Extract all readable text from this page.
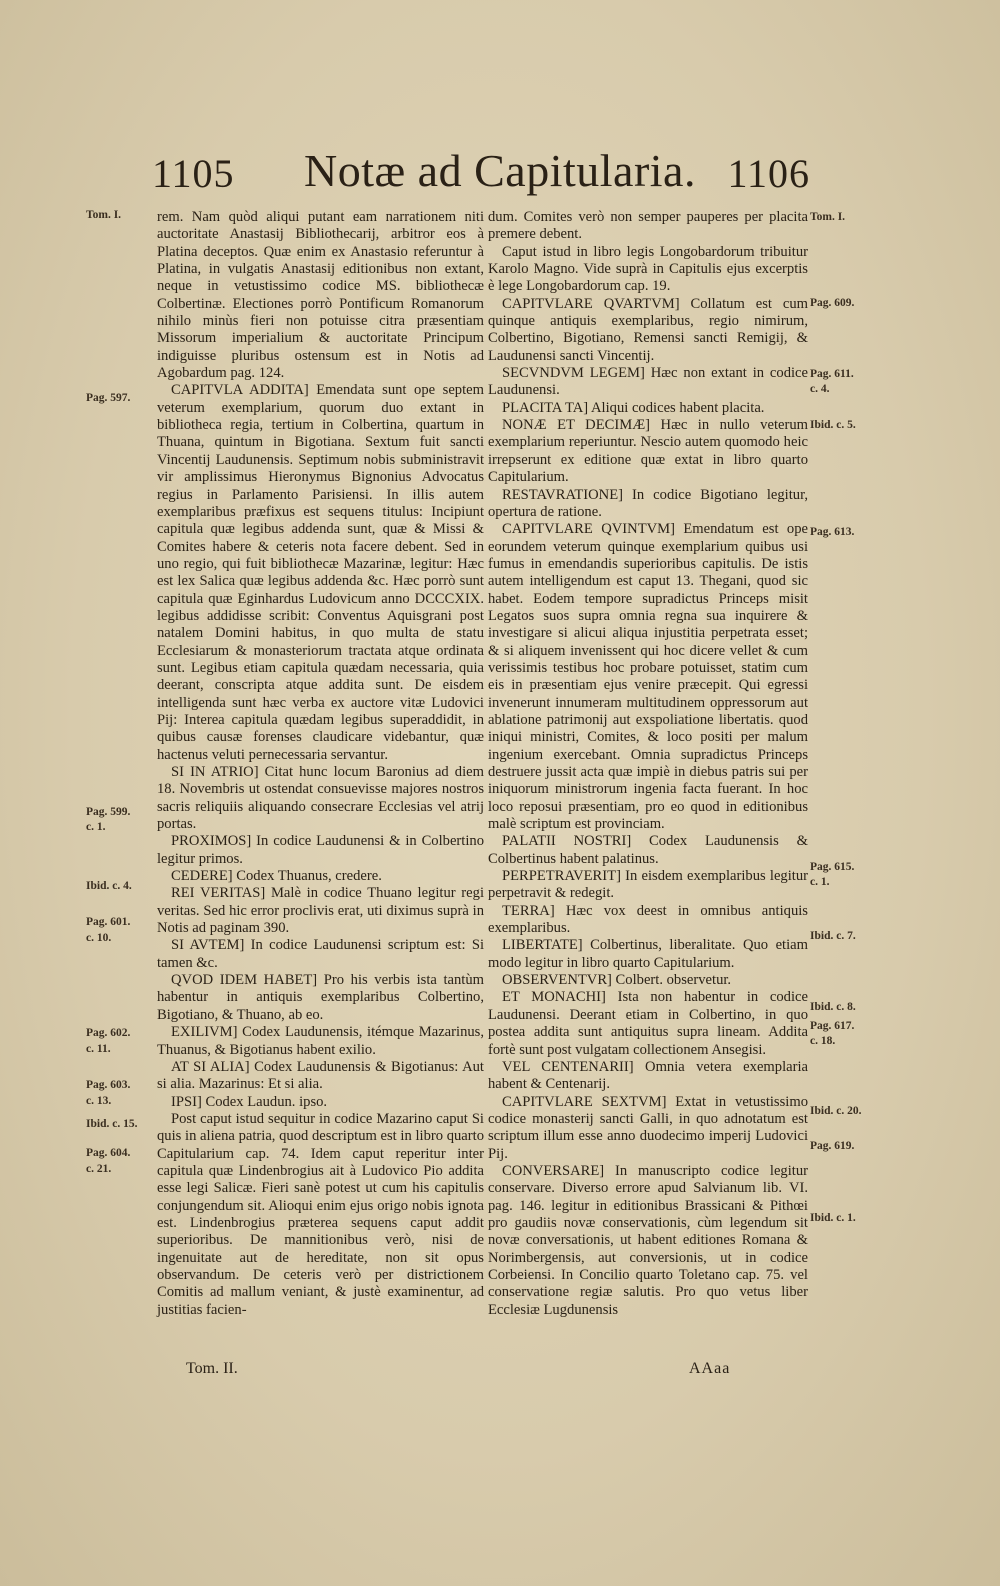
1105	Notæ ad Capitularia. 1106
Tom. I.
Pag. 597.
Pag. 599.
c. 1.
Ibid. c. 4.
Pag. 601.
c. 10.
Pag. 602.
c. 11.
Pag. 603.
c. 13.
Ibid. c. 15.
Pag. 604.
c. 21.
Tom. I.
Pag. 609.
Pag. 611.
c. 4.
Ibid. c. 5.
Pag. 613.
Pag. 615.
c. 1.
Ibid. c. 7.
Ibid. c. 8.
Pag. 617.
c. 18.
Ibid. c. 20.
Pag. 619.
Ibid. c. 1.

rem. Nam quòd aliqui putant eam narrationem niti auctoritate Anastasij Bibliothecarij, arbitror eos à Platina deceptos. Quæ enim ex Anastasio referuntur à Platina, in vulgatis Anastasij editionibus non extant, neque in vetustissimo codice MS. bibliothecæ Colbertinæ. Electiones porrò Pontificum Romanorum nihilo minùs fieri non potuisse citra præsentiam Missorum imperialium & auctoritate Principum indiguisse pluribus ostensum est in Notis ad Agobardum pag. 124.

CAPITVLA ADDITA] Emendata sunt ope septem veterum exemplarium, quorum duo extant in bibliotheca regia, tertium in Colbertina, quartum in Thuana, quintum in Bigotiana. Sextum fuit sancti Vincentij Laudunensis. Septimum nobis subministravit vir amplissimus Hieronymus Bignonius Advocatus regius in Parlamento Parisiensi. In illis autem exemplaribus præfixus est sequens titulus: Incipiunt capitula quæ legibus addenda sunt, quæ & Missi & Comites habere & ceteris nota facere debent. Sed in uno regio, qui fuit bibliothecæ Mazarinæ, legitur: Hæc est lex Salica quæ legibus addenda &c. Hæc porrò sunt capitula quæ Eginhardus Ludovicum anno DCCCXIX. legibus addidisse scribit: Conventus Aquisgrani post natalem Domini habitus, in quo multa de statu Ecclesiarum & monasteriorum tractata atque ordinata sunt. Legibus etiam capitula quædam necessaria, quia deerant, conscripta atque addita sunt. De eisdem intelligenda sunt hæc verba ex auctore vitæ Ludovici Pij: Interea capitula quædam legibus superaddidit, in quibus causæ forenses claudicare videbantur, quæ hactenus veluti pernecessaria servantur.

SI IN ATRIO] Citat hunc locum Baronius ad diem 18. Novembris ut ostendat consuevisse majores nostros sacris reliquiis aliquando consecrare Ecclesias vel atrij portas.

PROXIMOS] In codice Laudunensi & in Colbertino legitur primos.

CEDERE] Codex Thuanus, credere.

REI VERITAS] Malè in codice Thuano legitur regi veritas. Sed hic error proclivis erat, uti diximus suprà in Notis ad paginam 390.

SI AVTEM] In codice Laudunensi scriptum est: Si tamen &c.

QVOD IDEM HABET] Pro his verbis ista tantùm habentur in antiquis exemplaribus Colbertino, Bigotiano, & Thuano, ab eo.

EXILIVM] Codex Laudunensis, itémque Mazarinus, Thuanus, & Bigotianus habent exilio.

AT SI ALIA] Codex Laudunensis & Bigotianus: Aut si alia. Mazarinus: Et si alia.

IPSI] Codex Laudun. ipso.

Post caput istud sequitur in codice Mazarino caput Si quis in aliena patria, quod descriptum est in libro quarto Capitularium cap. 74. Idem caput reperitur inter capitula quæ Lindenbrogius ait à Ludovico Pio addita esse legi Salicæ. Fieri sanè potest ut cum his capitulis conjungendum sit. Alioqui enim ejus origo nobis ignota est. Lindenbrogius præterea sequens caput addit superioribus. De mannitionibus verò, nisi de ingenuitate aut de hereditate, non sit opus observandum. De ceteris verò per districtionem Comitis ad mallum veniant, & justè examinentur, ad justitias facien-

dum. Comites verò non semper pauperes per placita premere debent.

Caput istud in libro legis Longobardorum tribuitur Karolo Magno. Vide suprà in Capitulis ejus excerptis è lege Longobardorum cap. 19.

CAPITVLARE QVARTVM] Collatum est cum quinque antiquis exemplaribus, regio nimirum, Colbertino, Bigotiano, Remensi sancti Remigij, & Laudunensi sancti Vincentij.

SECVNDVM LEGEM] Hæc non extant in codice Laudunensi.

PLACITA TA] Aliqui codices habent placita.

NONÆ ET DECIMÆ] Hæc in nullo veterum exemplarium reperiuntur. Nescio autem quomodo heic irrepserunt ex editione quæ extat in libro quarto Capitularium.

RESTAVRATIONE] In codice Bigotiano legitur, opertura de ratione.

CAPITVLARE QVINTVM] Emendatum est ope eorundem veterum quinque exemplarium quibus usi fumus in emendandis superioribus capitulis. De istis autem intelligendum est caput 13. Thegani, quod sic habet. Eodem tempore supradictus Princeps misit Legatos suos supra omnia regna sua inquirere & investigare si alicui aliqua injustitia perpetrata esset; & si aliquem invenissent qui hoc dicere vellet & cum verissimis testibus hoc probare potuisset, statim cum eis in præsentiam ejus venire præcepit. Qui egressi invenerunt innumeram multitudinem oppressorum aut ablatione patrimonij aut exspoliatione libertatis. quod iniqui ministri, Comites, & loco positi per malum ingenium exercebant. Omnia supradictus Princeps destruere jussit acta quæ impiè in diebus patris sui per iniquorum ministrorum ingenia facta fuerant. In hoc loco reposui præsentiam, pro eo quod in editionibus malè scriptum est provinciam.

PALATII NOSTRI] Codex Laudunensis & Colbertinus habent palatinus.

PERPETRAVERIT] In eisdem exemplaribus legitur perpetravit & redegit.

TERRA] Hæc vox deest in omnibus antiquis exemplaribus.

LIBERTATE] Colbertinus, liberalitate. Quo etiam modo legitur in libro quarto Capitularium.

OBSERVENTVR] Colbert. observetur.

ET MONACHI] Ista non habentur in codice Laudunensi. Deerant etiam in Colbertino, in quo postea addita sunt antiquitus supra lineam. Addita fortè sunt post vulgatam collectionem Ansegisi.

VEL CENTENARII] Omnia vetera exemplaria habent & Centenarij.

CAPITVLARE SEXTVM] Extat in vetustissimo codice monasterij sancti Galli, in quo adnotatum est scriptum illum esse anno duodecimo imperij Ludovici Pij.

CONVERSARE] In manuscripto codice legitur conservare. Diverso errore apud Salvianum lib. VI. pag. 146. legitur in editionibus Brassicani & Pithœi pro gaudiis novæ conservationis, cùm legendum sit novæ conversationis, ut habent editiones Romana & Norimbergensis, aut conversionis, ut in codice Corbeiensi. In Concilio quarto Toletano cap. 75. vel conservatione regiæ salutis. Pro quo vetus liber Ecclesiæ Lugdunensis

Tom. II.	AAaa
